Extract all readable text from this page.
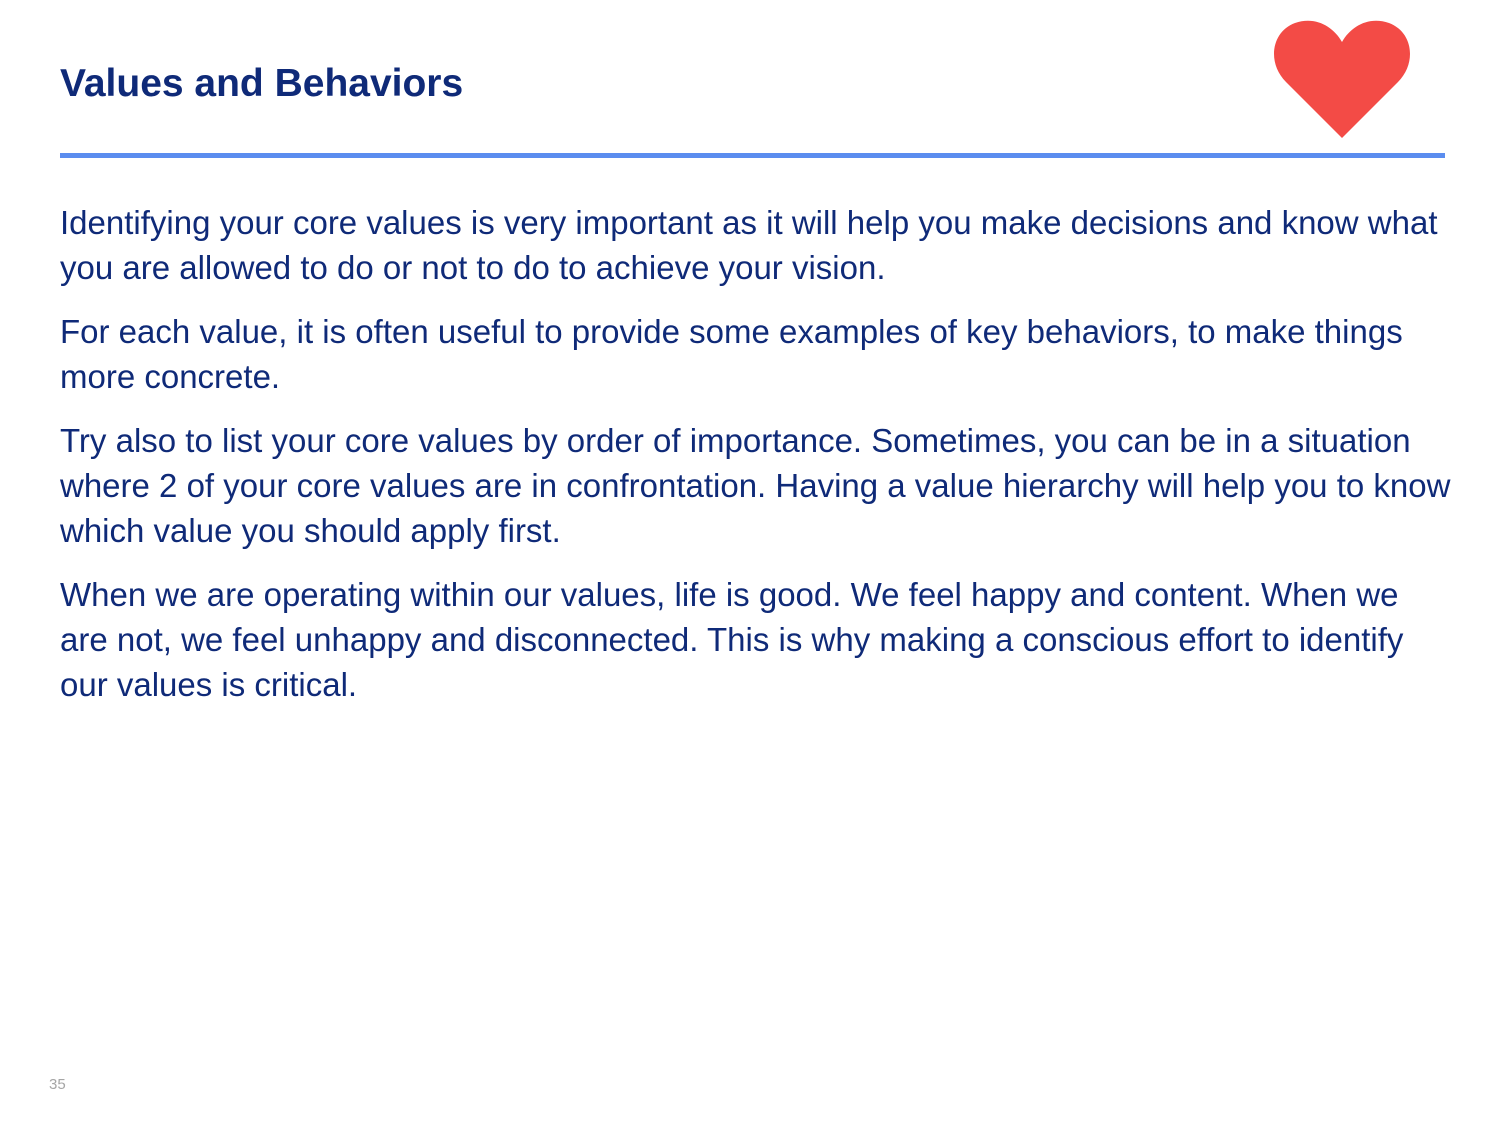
Values and Behaviors

Identifying your core values is very important as it will help you make decisions and know what you are allowed to do or not to do to achieve your vision.

For each value, it is often useful to provide some examples of key behaviors, to make things more concrete.

Try also to list your core values by order of importance. Sometimes, you can be in a situation where 2 of your core values are in confrontation. Having a value hierarchy will help you to know which value you should apply first.

When we are operating within our values, life is good. We feel happy and content. When we are not, we feel unhappy and disconnected. This is why making a conscious effort to identify our values is critical.

35
